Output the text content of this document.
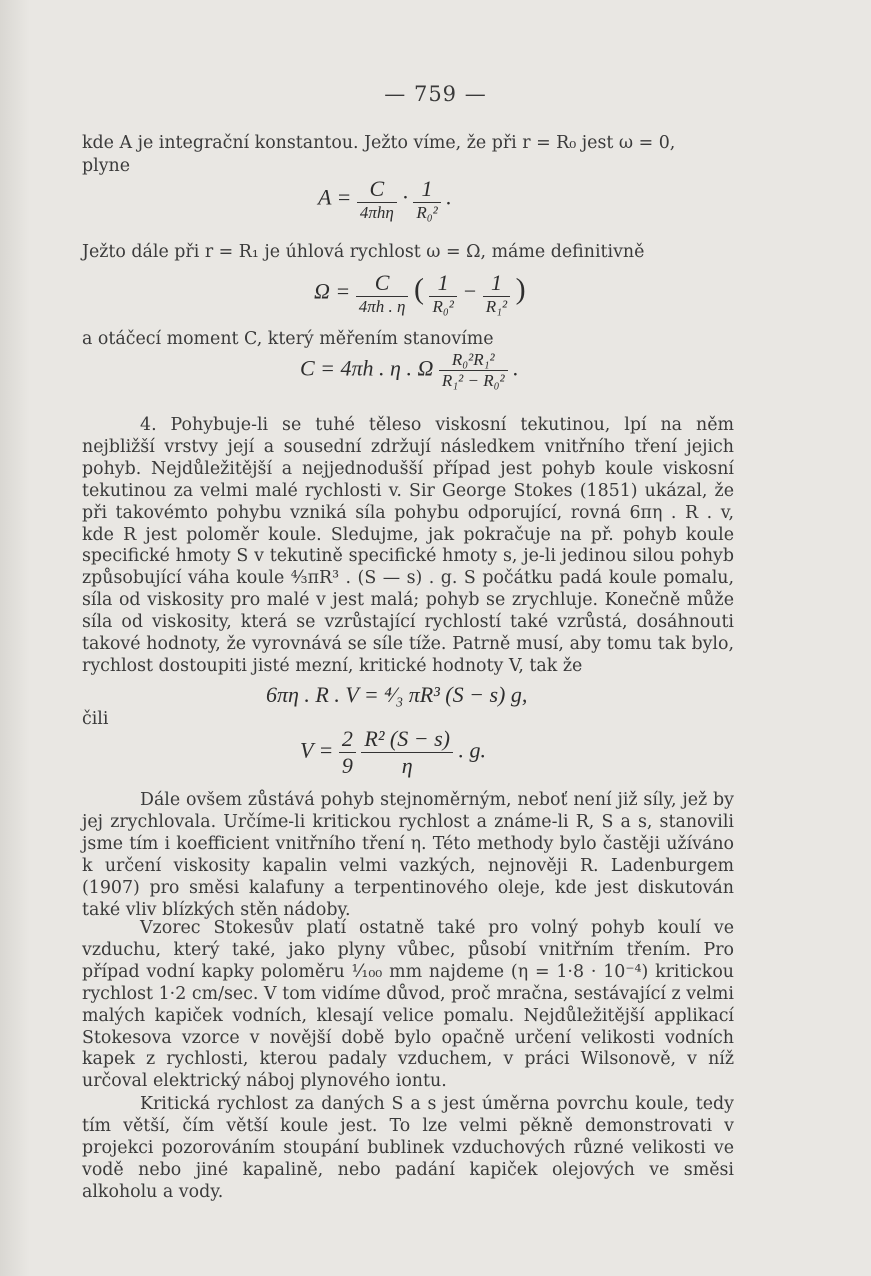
— 759 —
kde A je integrační konstantou. Ježto víme, že při r = R₀ jest ω = 0,
plyne
$A = \frac{C}{\text{4πhη}} \cdot \frac{1}{\text{R₀²}}$ .
Ježto dále při r = R₁ je úhlová rychlost ω = Ω, máme definitivně
$\Omega = \frac{C}{4\pi h . \eta}$ ( $\frac{1}{\text{R₀²}} - \frac{1}{\text{R₁²}}$ )
a otáčecí moment C, který měřením stanovíme
C = 4πh . η . Ω $\frac{\text{R₀²R₁²}}{\text{R₁² − R₀²}}$ .
4. Pohybuje-li se tuhé těleso viskosní tekutinou, lpí na něm nejbližší vrstvy její a sousední zdržují následkem vnitřního tření jejich pohyb. Nejdůležitější a nejjednodušší případ jest pohyb koule viskosní tekutinou za velmi malé rychlosti v. Sir George Stokes (1851) ukázal, že při takovémto pohybu vzniká síla pohybu odporující, rovná 6πη . R . v, kde R jest poloměr koule. Sledujme, jak pokračuje na př. pohyb koule specifické hmoty S v tekutině specifické hmoty s, je-li jedinou silou pohyb způsobující váha koule ⁴⁄₃πR³ . (S — s) . g. S počátku padá koule pomalu, síla od viskosity pro malé v jest malá; pohyb se zrychluje. Konečně může síla od viskosity, která se vzrůstající rychlostí také vzrůstá, dosáhnouti takové hodnoty, že vyrovnává se síle tíže. Patrně musí, aby tomu tak bylo, rychlost dostoupiti jisté mezní, kritické hodnoty V, tak že
6πη . R . V = ⁴⁄₃ πR³ (S − s) g,
čili
$V = \frac{2}{9}$
$\frac{\text{R² (S − s)}}{\eta}$ . g.
Dále ovšem zůstává pohyb stejnoměrným, neboť není již síly, jež by jej zrychlovala. Určíme-li kritickou rychlost a známe-li R, S a s, stanovili jsme tím i koefficient vnitřního tření η. Této methody bylo častěji užíváno k určení viskosity kapalin velmi vazkých, nejnověji R. Ladenburgem (1907) pro směsi kalafuny a terpentinového oleje, kde jest diskutován také vliv blízkých stěn nádoby.
Vzorec Stokesův platí ostatně také pro volný pohyb koulí ve vzduchu, který také, jako plyny vůbec, působí vnitřním třením. Pro případ vodní kapky poloměru ¹⁄₁₀₀ mm najdeme (η = 1·8 · 10⁻⁴) kritickou rychlost 1·2 cm/sec. V tom vidíme důvod, proč mračna, sestávající z velmi malých kapiček vodních, klesají velice pomalu. Nejdůležitější applikací Stokesova vzorce v novější době bylo opačně určení velikosti vodních kapek z rychlosti, kterou padaly vzduchem, v práci Wilsonově, v níž určoval elektrický náboj plynového iontu.
Kritická rychlost za daných S a s jest úměrna povrchu koule, tedy tím větší, čím větší koule jest. To lze velmi pěkně demonstrovati v projekci pozorováním stoupání bublinek vzduchových různé velikosti ve vodě nebo jiné kapalině, nebo padání kapiček olejových ve směsi alkoholu a vody.
